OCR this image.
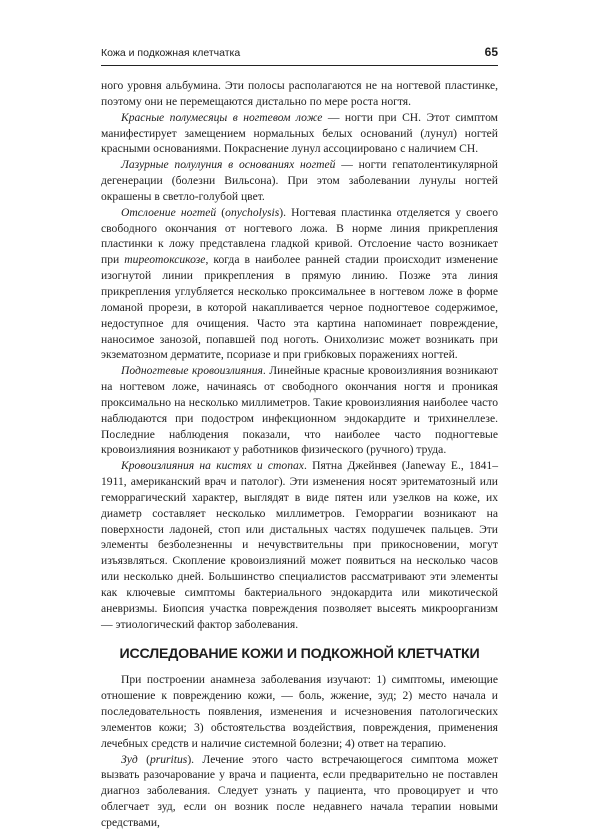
Кожа и подкожная клетчатка	65

ного уровня альбумина. Эти полосы располагаются не на ногтевой пластинке, поэтому они не перемещаются дистально по мере роста ногтя.

Красные полумесяцы в ногтевом ложе — ногти при СН. Этот симптом манифестирует замещением нормальных белых оснований (лунул) ногтей красными основаниями. Покраснение лунул ассоциировано с наличием СН.

Лазурные полулуния в основаниях ногтей — ногти гепатолентикулярной дегенерации (болезни Вильсона). При этом заболевании лунулы ногтей окрашены в светло-голубой цвет.

Отслоение ногтей (onycholysis). Ногтевая пластинка отделяется у своего свободного окончания от ногтевого ложа. В норме линия прикрепления пластинки к ложу представлена гладкой кривой. Отслоение часто возникает при тиреотоксикозе, когда в наиболее ранней стадии происходит изменение изогнутой линии прикрепления в прямую линию. Позже эта линия прикрепления углубляется несколько проксимальнее в ногтевом ложе в форме ломаной прорези, в которой накапливается черное подногтевое содержимое, недоступное для очищения. Часто эта картина напоминает повреждение, наносимое занозой, попавшей под ноготь. Онихолизис может возникать при экзематозном дерматите, псориазе и при грибковых поражениях ногтей.

Подногтевые кровоизлияния. Линейные красные кровоизлияния возникают на ногтевом ложе, начинаясь от свободного окончания ногтя и проникая проксимально на несколько миллиметров. Такие кровоизлияния наиболее часто наблюдаются при подостром инфекционном эндокардите и трихинеллезе. Последние наблюдения показали, что наиболее часто подногтевые кровоизлияния возникают у работников физического (ручного) труда.

Кровоизлияния на кистях и стопах. Пятна Джейнвея (Janeway E., 1841–1911, американский врач и патолог). Эти изменения носят эритематозный или геморрагический характер, выглядят в виде пятен или узелков на коже, их диаметр составляет несколько миллиметров. Геморрагии возникают на поверхности ладоней, стоп или дистальных частях подушечек пальцев. Эти элементы безболезненны и нечувствительны при прикосновении, могут изъязвляться. Скопление кровоизлияний может появиться на несколько часов или несколько дней. Большинство специалистов рассматривают эти элементы как ключевые симптомы бактериального эндокардита или микотической аневризмы. Биопсия участка повреждения позволяет высеять микроорганизм — этиологический фактор заболевания.

ИССЛЕДОВАНИЕ КОЖИ И ПОДКОЖНОЙ КЛЕТЧАТКИ

При построении анамнеза заболевания изучают: 1) симптомы, имеющие отношение к повреждению кожи, — боль, жжение, зуд; 2) место начала и последовательность появления, изменения и исчезновения патологических элементов кожи; 3) обстоятельства воздействия, повреждения, применения лечебных средств и наличие системной болезни; 4) ответ на терапию.

Зуд (pruritus). Лечение этого часто встречающегося симптома может вызвать разочарование у врача и пациента, если предварительно не поставлен диагноз заболевания. Следует узнать у пациента, что провоцирует и что облегчает зуд, если он возник после недавнего начала терапии новыми средствами,
